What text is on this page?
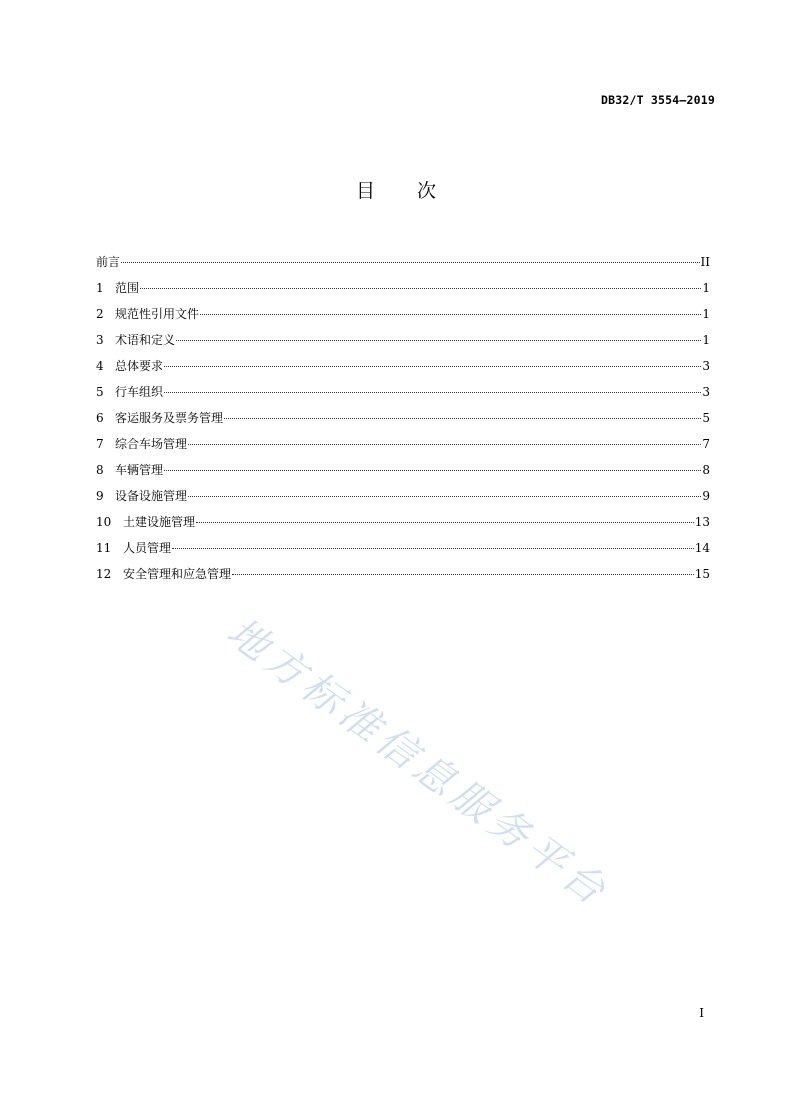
DB32/T 3554—2019
目 次
前言	II
1 范围	1
2 规范性引用文件	1
3 术语和定义	1
4 总体要求	3
5 行车组织	3
6 客运服务及票务管理	5
7 综合车场管理	7
8 车辆管理	8
9 设备设施管理	9
10 土建设施管理	13
11 人员管理	14
12 安全管理和应急管理	15
地方标准信息服务平台
I
